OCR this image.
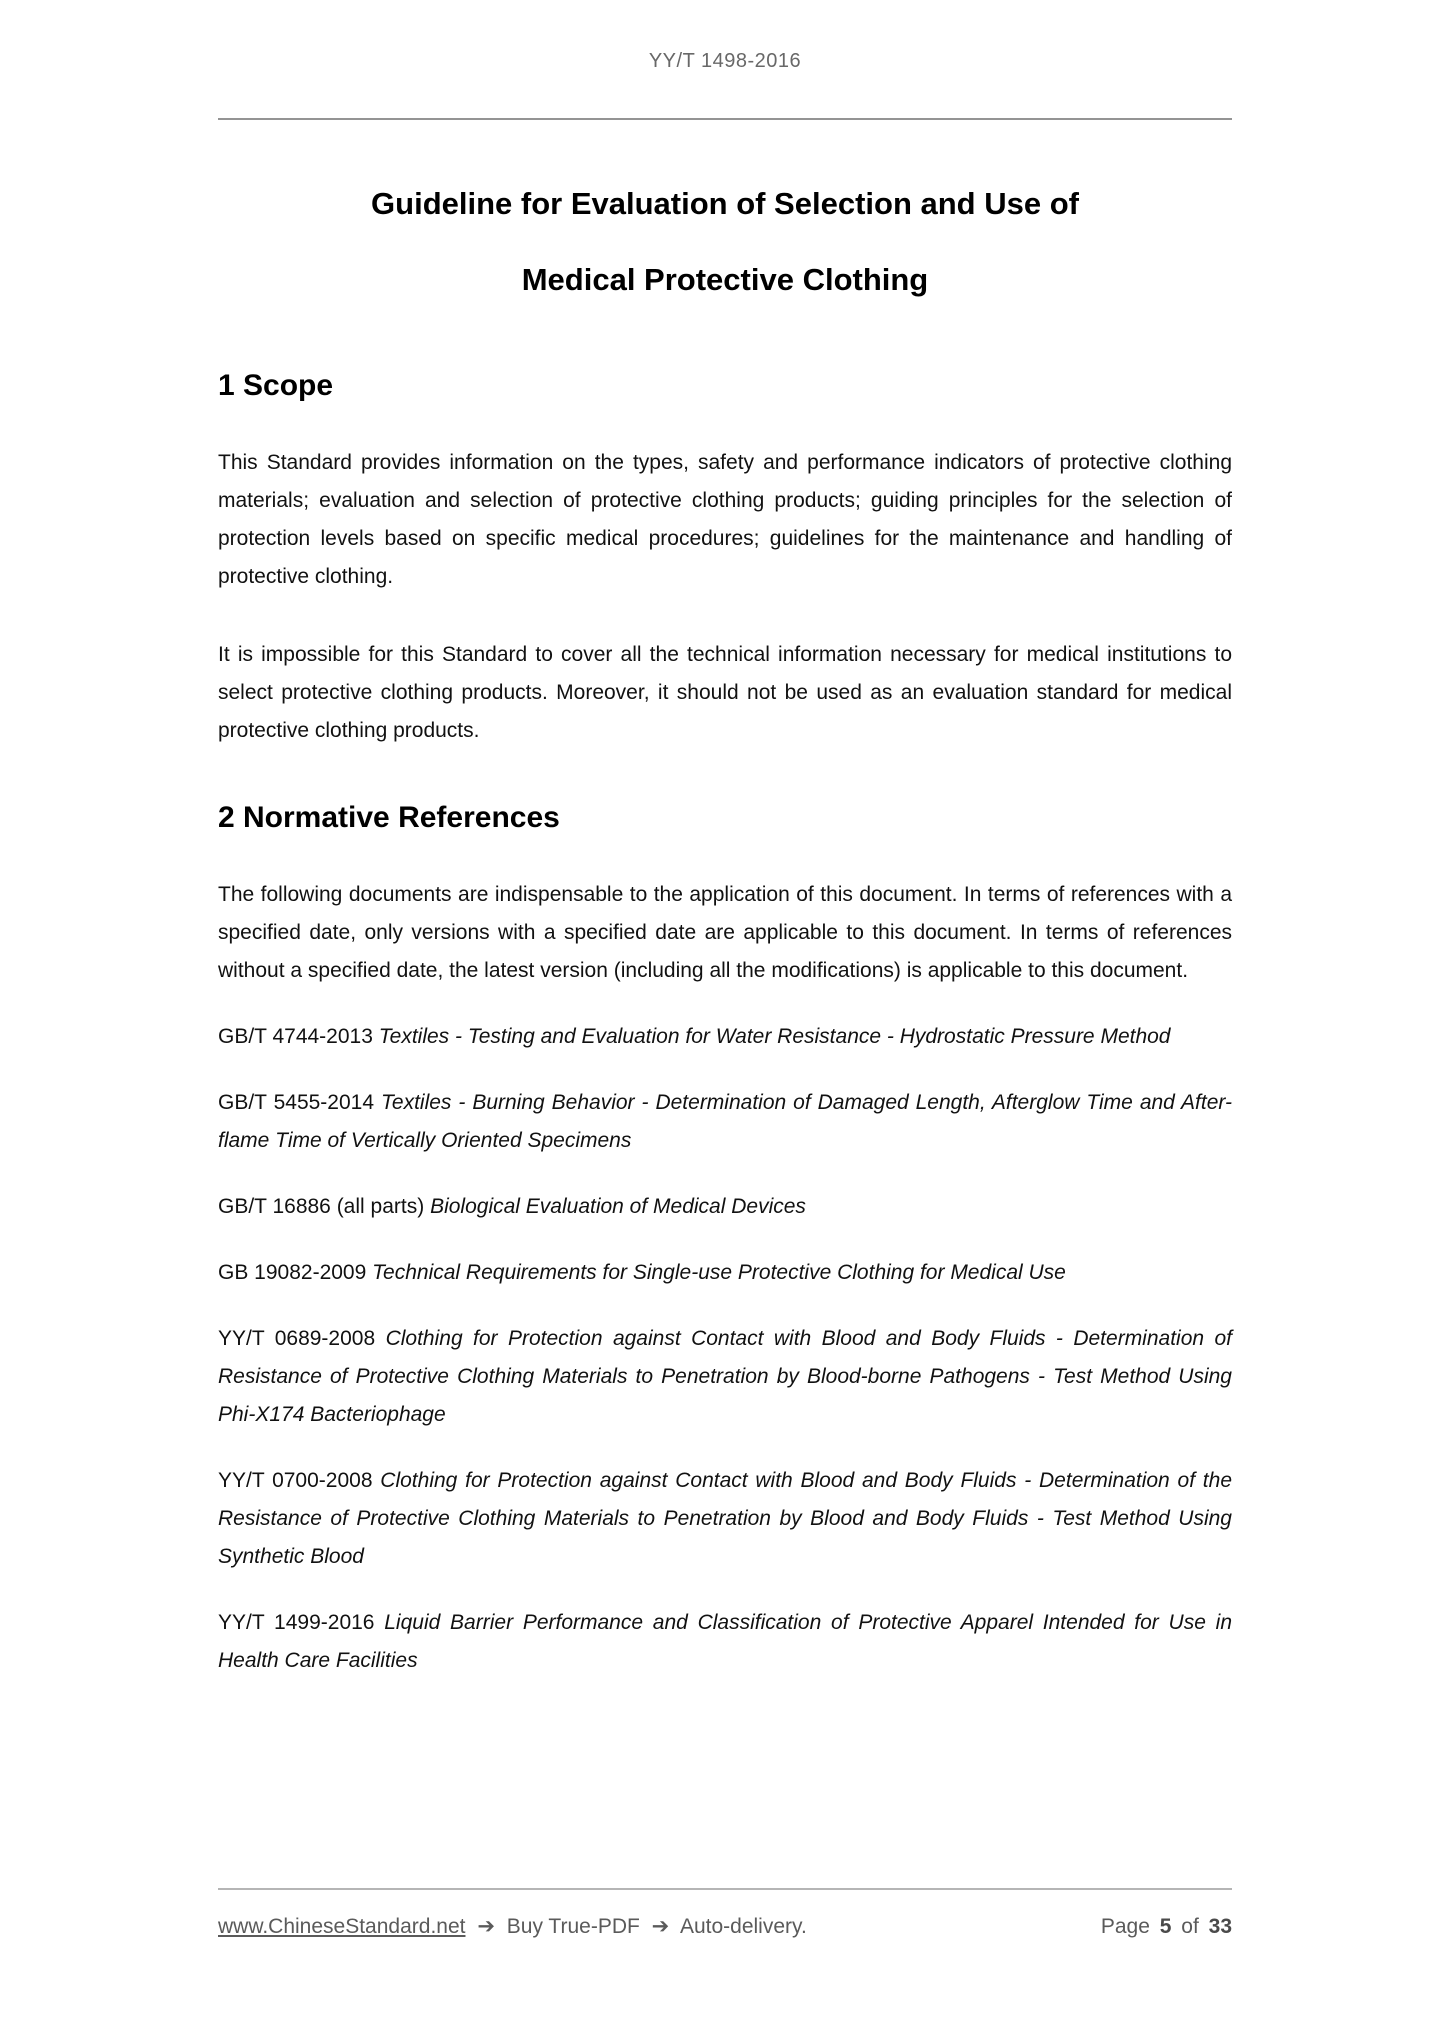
YY/T 1498-2016
Guideline for Evaluation of Selection and Use of
Medical Protective Clothing
1 Scope

This Standard provides information on the types, safety and performance indicators of protective clothing materials; evaluation and selection of protective clothing products; guiding principles for the selection of protection levels based on specific medical procedures; guidelines for the maintenance and handling of protective clothing.

It is impossible for this Standard to cover all the technical information necessary for medical institutions to select protective clothing products. Moreover, it should not be used as an evaluation standard for medical protective clothing products.

2 Normative References

The following documents are indispensable to the application of this document. In terms of references with a specified date, only versions with a specified date are applicable to this document. In terms of references without a specified date, the latest version (including all the modifications) is applicable to this document.

GB/T 4744-2013 Textiles - Testing and Evaluation for Water Resistance - Hydrostatic Pressure Method

GB/T 5455-2014 Textiles - Burning Behavior - Determination of Damaged Length, Afterglow Time and After-flame Time of Vertically Oriented Specimens

GB/T 16886 (all parts) Biological Evaluation of Medical Devices

GB 19082-2009 Technical Requirements for Single-use Protective Clothing for Medical Use

YY/T 0689-2008 Clothing for Protection against Contact with Blood and Body Fluids - Determination of Resistance of Protective Clothing Materials to Penetration by Blood-borne Pathogens - Test Method Using Phi-X174 Bacteriophage

YY/T 0700-2008 Clothing for Protection against Contact with Blood and Body Fluids - Determination of the Resistance of Protective Clothing Materials to Penetration by Blood and Body Fluids - Test Method Using Synthetic Blood

YY/T 1499-2016 Liquid Barrier Performance and Classification of Protective Apparel Intended for Use in Health Care Facilities

www.ChineseStandard.net ➔ Buy True-PDF ➔ Auto-delivery.	Page 5 of 33
